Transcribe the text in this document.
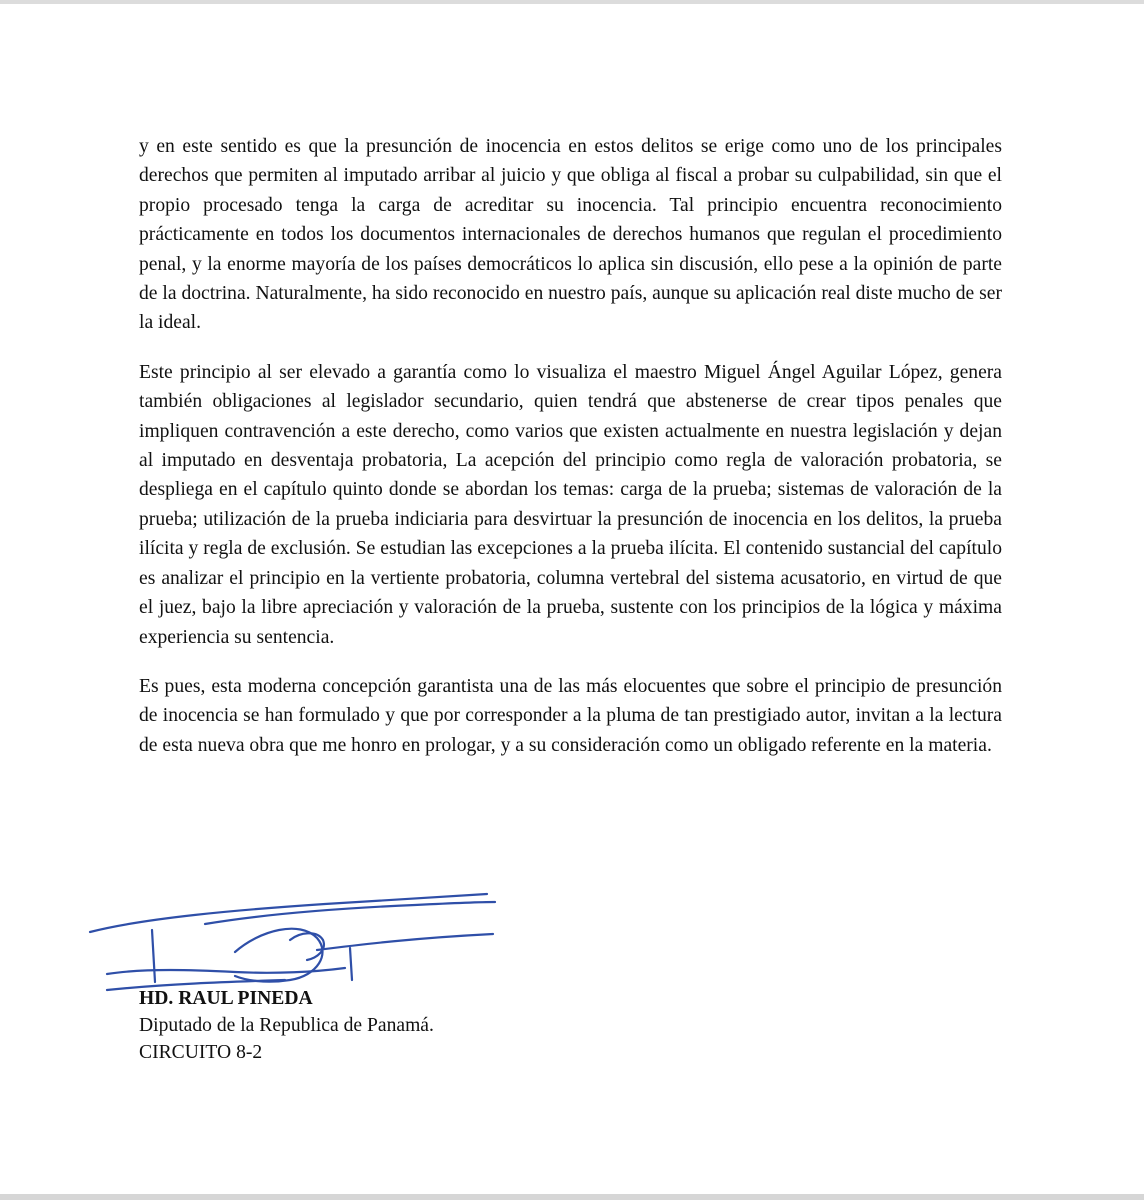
y en este sentido es que la presunción de inocencia en estos delitos se erige como uno de los principales derechos que permiten al imputado arribar al juicio y que obliga al fiscal a probar su culpabilidad, sin que el propio procesado tenga la carga de acreditar su inocencia. Tal principio encuentra reconocimiento prácticamente en todos los documentos internacionales de derechos humanos que regulan el procedimiento penal, y la enorme mayoría de los países democráticos lo aplica sin discusión, ello pese a la opinión de parte de la doctrina. Naturalmente, ha sido reconocido en nuestro país, aunque su aplicación real diste mucho de ser la ideal.

Este principio al ser elevado a garantía como lo visualiza el maestro Miguel Ángel Aguilar López, genera también obligaciones al legislador secundario, quien tendrá que abstenerse de crear tipos penales que impliquen contravención a este derecho, como varios que existen actualmente en nuestra legislación y dejan al imputado en desventaja probatoria, La acepción del principio como regla de valoración probatoria, se despliega en el capítulo quinto donde se abordan los temas: carga de la prueba; sistemas de valoración de la prueba; utilización de la prueba indiciaria para desvirtuar la presunción de inocencia en los delitos, la prueba ilícita y regla de exclusión. Se estudian las excepciones a la prueba ilícita. El contenido sustancial del capítulo es analizar el principio en la vertiente probatoria, columna vertebral del sistema acusatorio, en virtud de que el juez, bajo la libre apreciación y valoración de la prueba, sustente con los principios de la lógica y máxima experiencia su sentencia.

Es pues, esta moderna concepción garantista una de las más elocuentes que sobre el principio de presunción de inocencia se han formulado y que por corresponder a la pluma de tan prestigiado autor, invitan a la lectura de esta nueva obra que me honro en prologar, y a su consideración como un obligado referente en la materia.

HD. RAUL PINEDA
Diputado de la Republica de Panamá.
CIRCUITO 8-2
